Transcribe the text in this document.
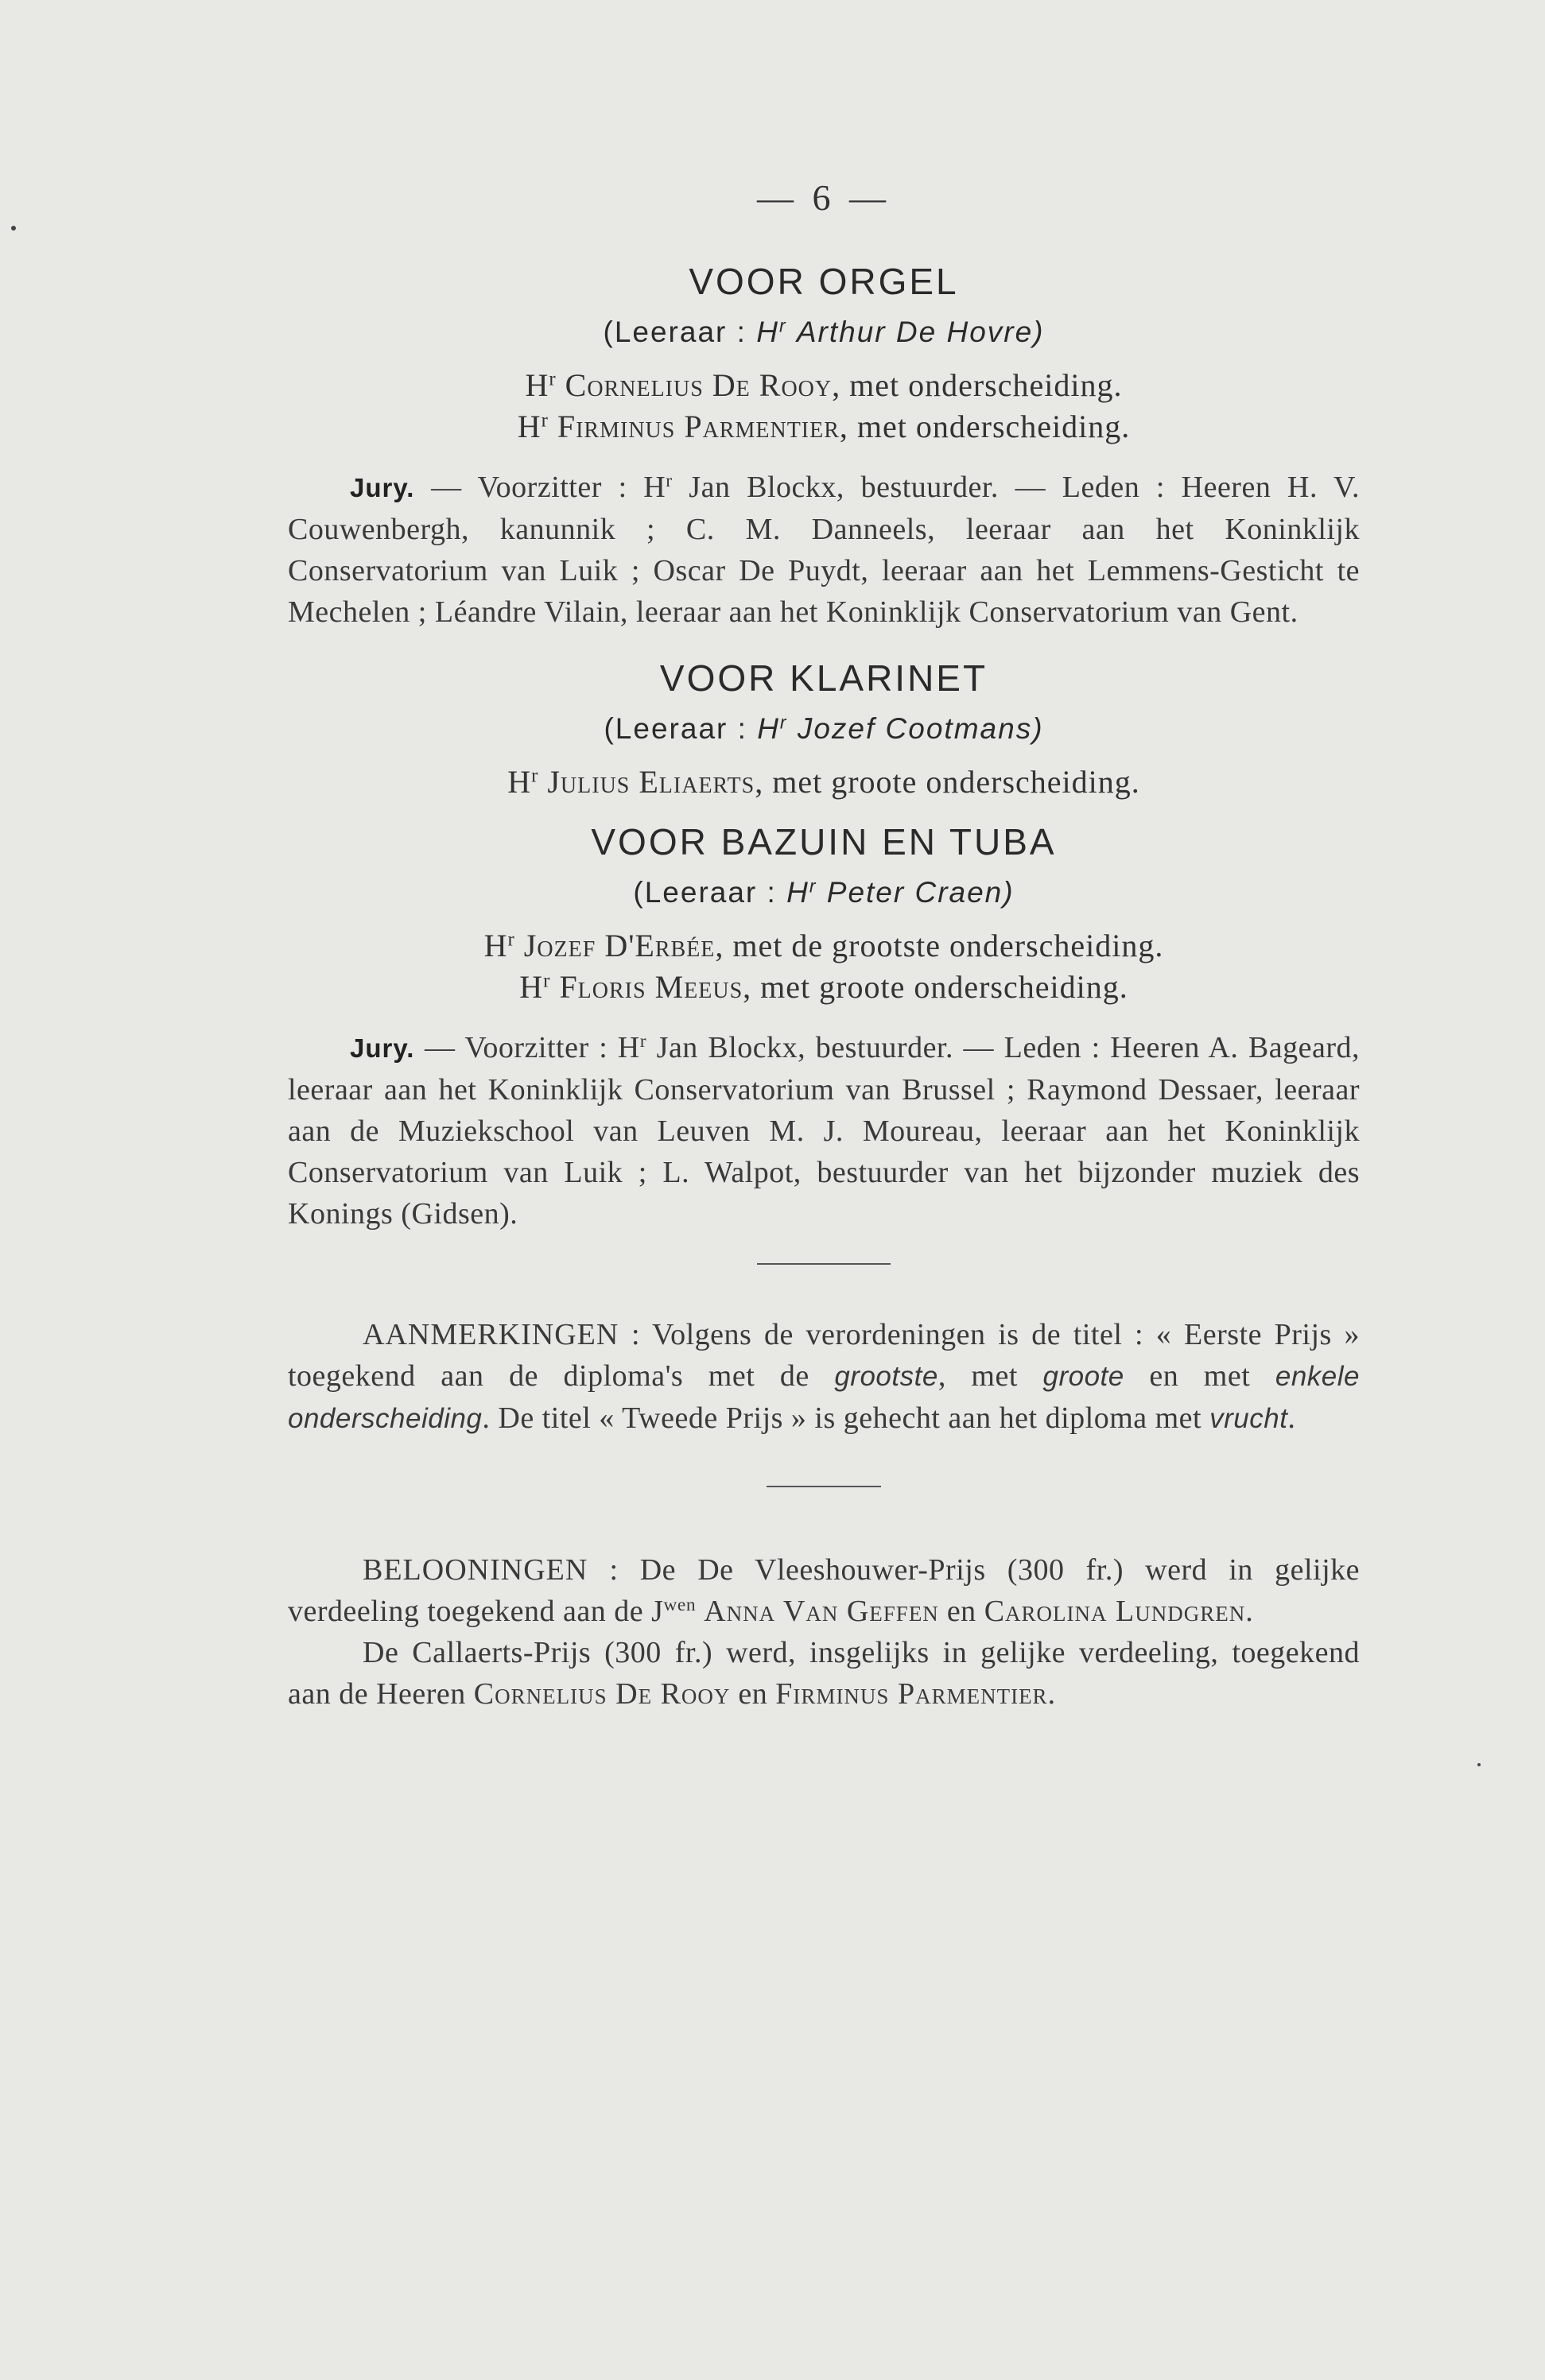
— 6 —
VOOR ORGEL
(Leeraar : $H^r$ Arthur De Hovre)
$H^r$ Cornelius De Rooy, met onderscheiding.
$H^r$ Firminus Parmentier, met onderscheiding.

Jury. — Voorzitter : $H^r$ Jan Blockx, bestuurder. — Leden : Heeren H. V. Couwenbergh, kanunnik ; C. M. Danneels, leeraar aan het Koninklijk Conservatorium van Luik ; Oscar De Puydt, leeraar aan het Lemmens-Gesticht te Mechelen ; Léandre Vilain, leeraar aan het Koninklijk Conservatorium van Gent.

VOOR KLARINET
(Leeraar : $H^r$ Jozef Cootmans)
$H^r$ Julius Eliaerts, met groote onderscheiding.
VOOR BAZUIN EN TUBA
(Leeraar : $H^r$ Peter Craen)
$H^r$ Jozef D'Erbée, met de grootste onderscheiding.
$H^r$ Floris Meeus, met groote onderscheiding.

Jury. — Voorzitter : $H^r$ Jan Blockx, bestuurder. — Leden : Heeren A. Bageard, leeraar aan het Koninklijk Conservatorium van Brussel ; Raymond Dessaer, leeraar aan de Muziekschool van Leuven M. J. Moureau, leeraar aan het Koninklijk Conservatorium van Luik ; L. Walpot, bestuurder van het bijzonder muziek des Konings (Gidsen).

AANMERKINGEN : Volgens de verordeningen is de titel : « Eerste Prijs » toegekend aan de diploma's met de grootste, met groote en met enkele onderscheiding. De titel « Tweede Prijs » is gehecht aan het diploma met vrucht.

BELOONINGEN : De De Vleeshouwer-Prijs (300 fr.) werd in gelijke verdeeling toegekend aan de $J^{wen}$ Anna Van Geffen en Carolina Lundgren.

De Callaerts-Prijs (300 fr.) werd, insgelijks in gelijke verdeeling, toegekend aan de Heeren Cornelius De Rooy en Firminus Parmentier.
